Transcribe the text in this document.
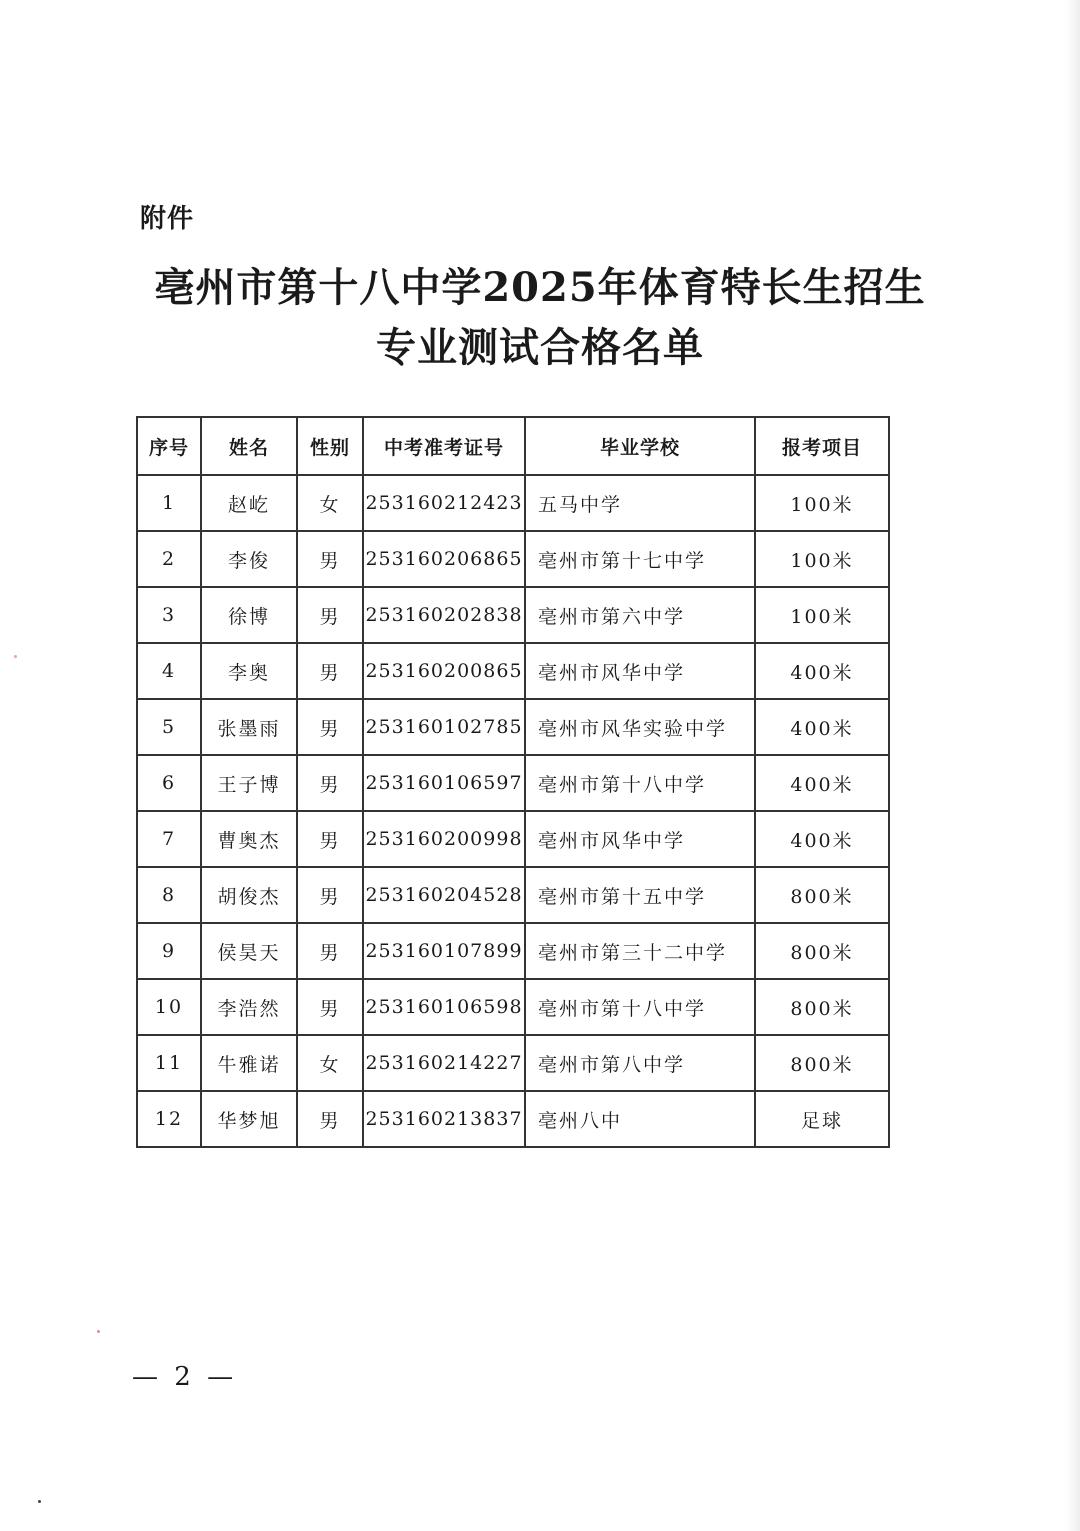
附件
亳州市第十八中学2025年体育特长生招生
专业测试合格名单
序号	姓名	性别	中考准考证号	毕业学校	报考项目
1	赵屹	女	253160212423	五马中学	100米
2	李俊	男	253160206865	亳州市第十七中学	100米
3	徐博	男	253160202838	亳州市第六中学	100米
4	李奥	男	253160200865	亳州市风华中学	400米
5	张墨雨	男	253160102785	亳州市风华实验中学	400米
6	王子博	男	253160106597	亳州市第十八中学	400米
7	曹奥杰	男	253160200998	亳州市风华中学	400米
8	胡俊杰	男	253160204528	亳州市第十五中学	800米
9	侯昊天	男	253160107899	亳州市第三十二中学	800米
10	李浩然	男	253160106598	亳州市第十八中学	800米
11	牛雅诺	女	253160214227	亳州市第八中学	800米
12	华梦旭	男	253160213837	亳州八中	足球
— 2 —
